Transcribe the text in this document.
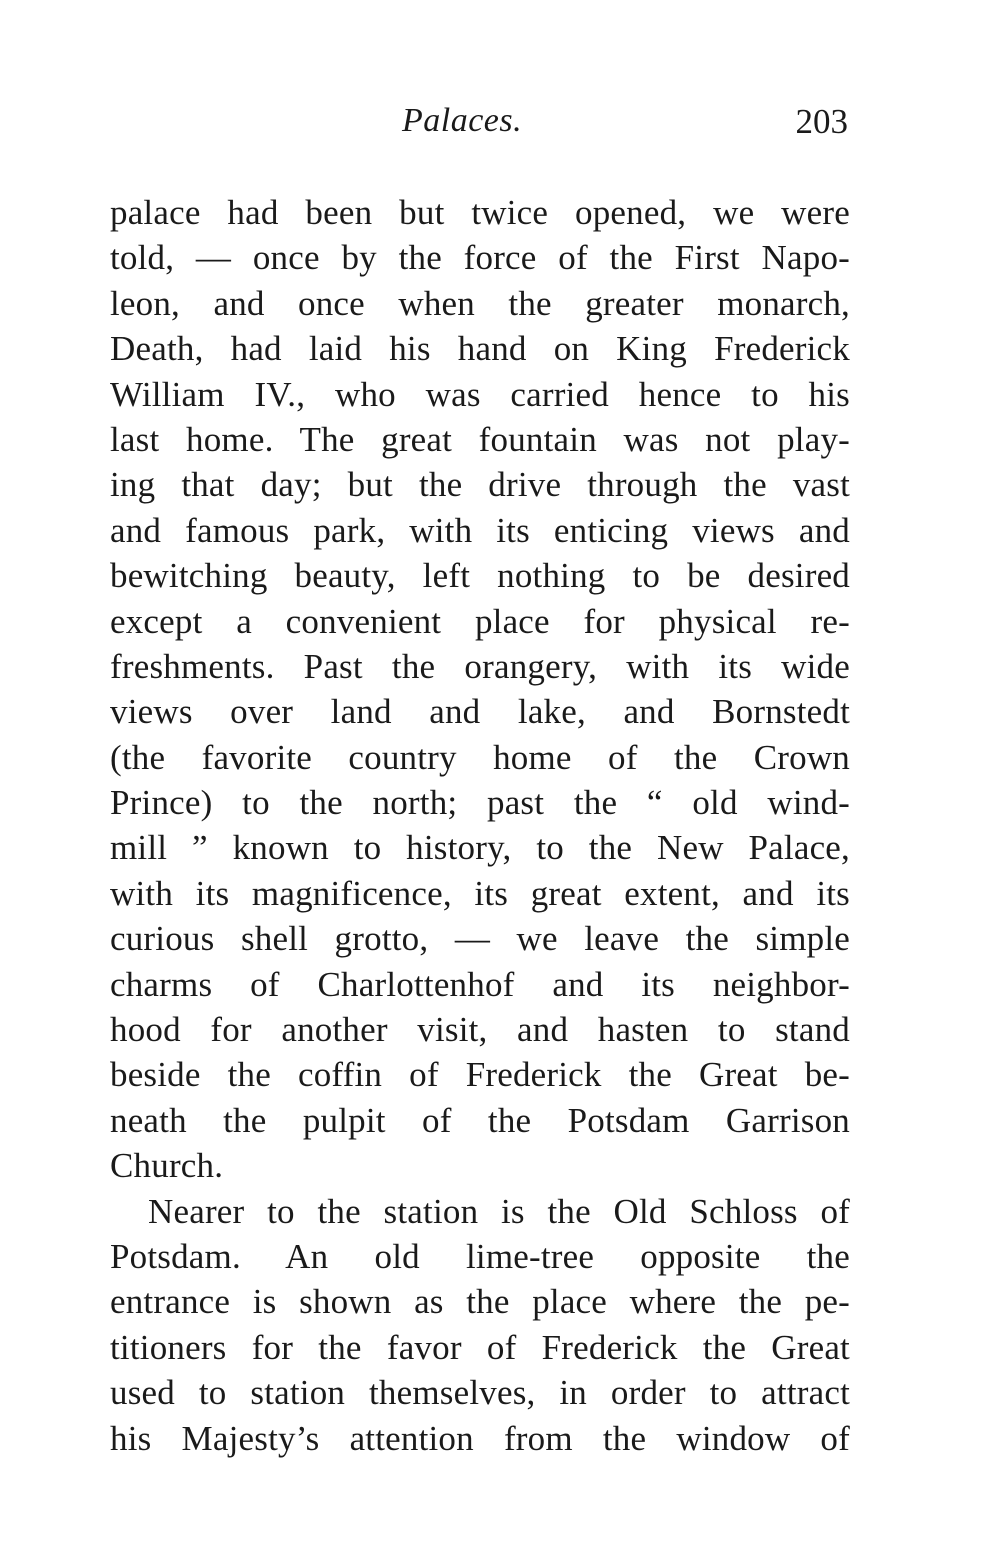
Palaces.	203
palace had been but twice opened, we were
told, — once by the force of the First Napo-
leon, and once when the greater monarch,
Death, had laid his hand on King Frederick
William IV., who was carried hence to his
last home. The great fountain was not play-
ing that day; but the drive through the vast
and famous park, with its enticing views and
bewitching beauty, left nothing to be desired
except a convenient place for physical re-
freshments. Past the orangery, with its wide
views over land and lake, and Bornstedt
(the favorite country home of the Crown
Prince) to the north; past the “ old wind-
mill ” known to history, to the New Palace,
with its magnificence, its great extent, and its
curious shell grotto, — we leave the simple
charms of Charlottenhof and its neighbor-
hood for another visit, and hasten to stand
beside the coffin of Frederick the Great be-
neath the pulpit of the Potsdam Garrison
Church.
Nearer to the station is the Old Schloss of
Potsdam. An old lime-tree opposite the
entrance is shown as the place where the pe-
titioners for the favor of Frederick the Great
used to station themselves, in order to attract
his Majesty’s attention from the window of
